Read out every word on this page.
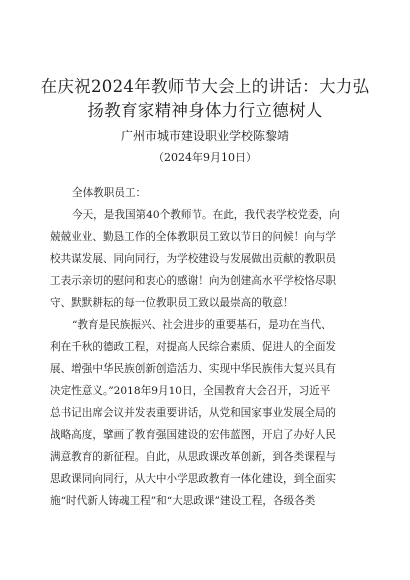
在庆祝2024年教师节大会上的讲话：大力弘
扬教育家精神身体力行立德树人

广州市城市建设职业学校陈黎靖

（2024年9月10日）

全体教职员工：

今天，是我国第40个教师节。在此，我代表学校党委，向

兢兢业业、勤恳工作的全体教职员工致以节日的问候！向与学

校共谋发展、同向同行，为学校建设与发展做出贡献的教职员

工表示亲切的慰问和衷心的感谢！向为创建高水平学校恪尽职

守、默默耕耘的每一位教职员工致以最崇高的敬意！

“教育是民族振兴、社会进步的重要基石，是功在当代、

利在千秋的德政工程，对提高人民综合素质、促进人的全面发

展、增强中华民族创新创造活力、实现中华民族伟大复兴具有

决定性意义。”2018年9月10日，全国教育大会召开，习近平

总书记出席会议并发表重要讲话，从党和国家事业发展全局的

战略高度，擘画了教育强国建设的宏伟蓝图，开启了办好人民

满意教育的新征程。自此，从思政课改革创新，到各类课程与

思政课同向同行，从大中小学思政教育一体化建设，到全面实

施“时代新人铸魂工程”和“大思政课”建设工程，各级各类
